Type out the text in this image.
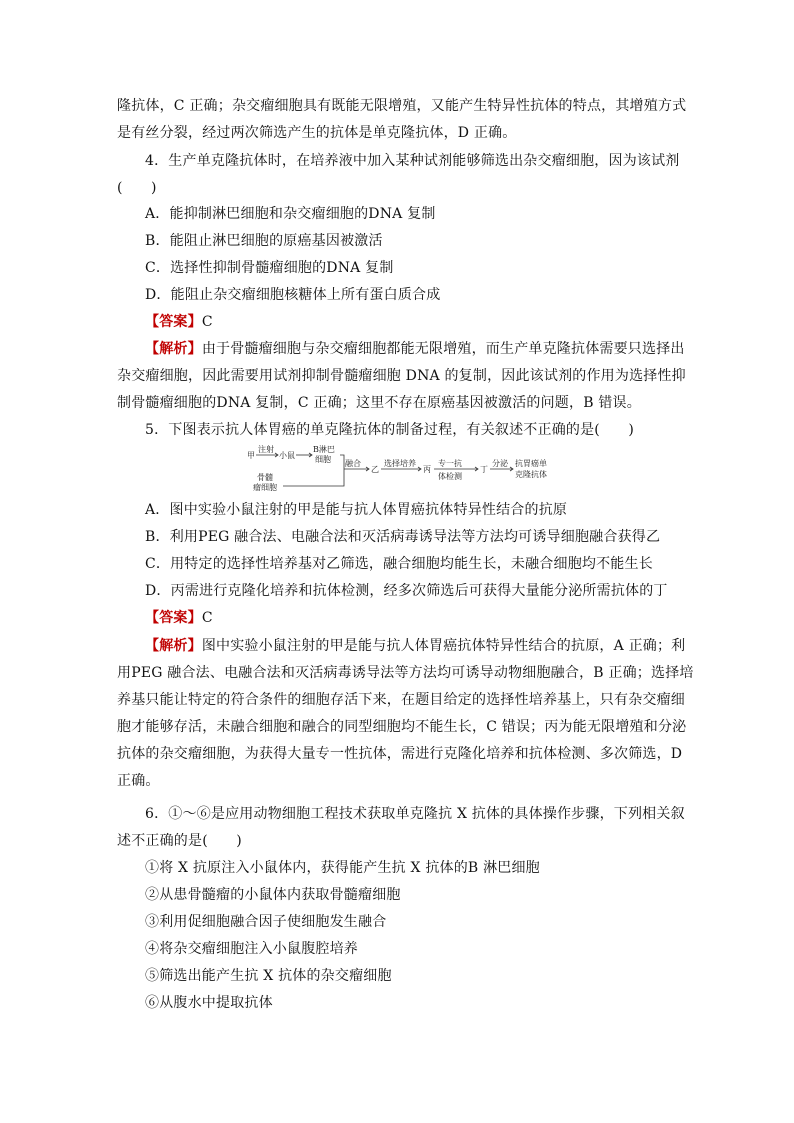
隆抗体，C 正确；杂交瘤细胞具有既能无限增殖，又能产生特异性抗体的特点，其增殖方式
是有丝分裂，经过两次筛选产生的抗体是单克隆抗体，D 正确。
4．生产单克隆抗体时，在培养液中加入某种试剂能够筛选出杂交瘤细胞，因为该试剂
(　　)
A．能抑制淋巴细胞和杂交瘤细胞的DNA 复制
B．能阻止淋巴细胞的原癌基因被激活
C．选择性抑制骨髓瘤细胞的DNA 复制
D．能阻止杂交瘤细胞核糖体上所有蛋白质合成
【答案】C
【解析】由于骨髓瘤细胞与杂交瘤细胞都能无限增殖，而生产单克隆抗体需要只选择出
杂交瘤细胞，因此需要用试剂抑制骨髓瘤细胞 DNA 的复制，因此该试剂的作用为选择性抑
制骨髓瘤细胞的DNA 复制，C 正确；这里不存在原癌基因被激活的问题，B 错误。
5．下图表示抗人体胃癌的单克隆抗体的制备过程，有关叙述不正确的是(　　)
甲
注射
小鼠
B淋巴
细胞
骨髓
瘤细胞
融合
乙
选择培养
丙
专一抗
体检测
丁
分泌 抗胃癌单
克隆抗体
A．图中实验小鼠注射的甲是能与抗人体胃癌抗体特异性结合的抗原
B．利用PEG 融合法、电融合法和灭活病毒诱导法等方法均可诱导细胞融合获得乙
C．用特定的选择性培养基对乙筛选，融合细胞均能生长，未融合细胞均不能生长
D．丙需进行克隆化培养和抗体检测，经多次筛选后可获得大量能分泌所需抗体的丁
【答案】C
【解析】图中实验小鼠注射的甲是能与抗人体胃癌抗体特异性结合的抗原，A 正确；利
用PEG 融合法、电融合法和灭活病毒诱导法等方法均可诱导动物细胞融合，B 正确；选择培
养基只能让特定的符合条件的细胞存活下来，在题目给定的选择性培养基上，只有杂交瘤细
胞才能够存活，未融合细胞和融合的同型细胞均不能生长，C 错误；丙为能无限增殖和分泌
抗体的杂交瘤细胞，为获得大量专一性抗体，需进行克隆化培养和抗体检测、多次筛选，D
正确。
6．①～⑥是应用动物细胞工程技术获取单克隆抗 X 抗体的具体操作步骤，下列相关叙
述不正确的是(　　)
①将 X 抗原注入小鼠体内，获得能产生抗 X 抗体的B 淋巴细胞
②从患骨髓瘤的小鼠体内获取骨髓瘤细胞
③利用促细胞融合因子使细胞发生融合
④将杂交瘤细胞注入小鼠腹腔培养
⑤筛选出能产生抗 X 抗体的杂交瘤细胞
⑥从腹水中提取抗体
